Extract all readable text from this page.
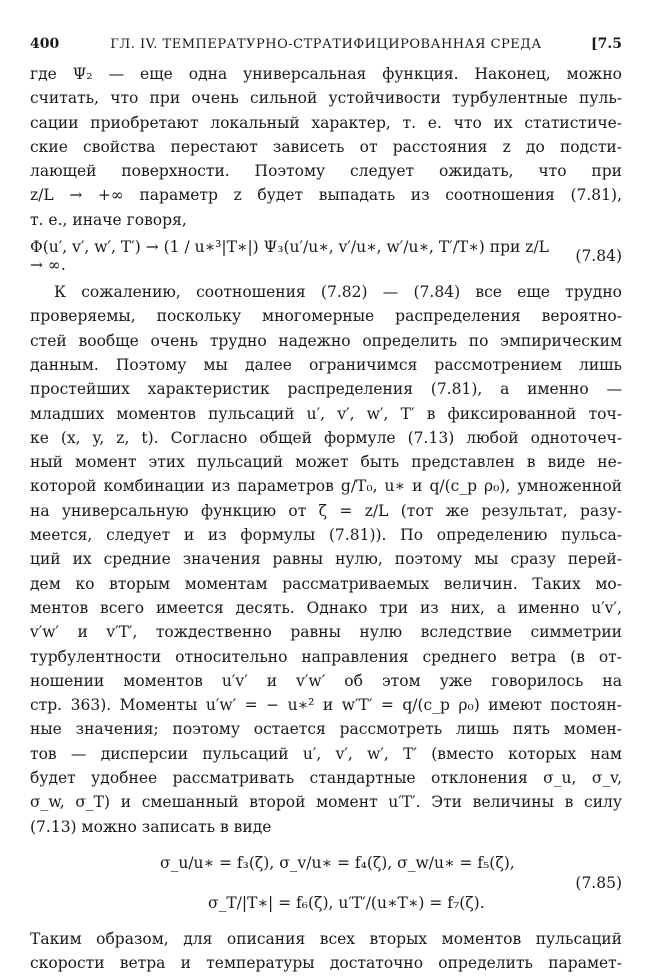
400	ГЛ. IV. ТЕМПЕРАТУРНО-СТРАТИФИЦИРОВАННАЯ СРЕДА	[7.5
где Ψ₂ — еще одна универсальная функция. Наконец, можно
считать, что при очень сильной устойчивости турбулентные пуль-
сации приобретают локальный характер, т. е. что их статистиче-
ские свойства перестают зависеть от расстояния z до подсти-
лающей поверхности. Поэтому следует ожидать, что при
z/L → +∞ параметр z будет выпадать из соотношения (7.81),
т. е., иначе говоря,
Φ(u′, v′, w′, T′) → (1 / u∗³|T∗|) Ψ₃(u′/u∗, v′/u∗, w′/u∗, T′/T∗) при z/L → ∞.	(7.84)
К сожалению, соотношения (7.82) — (7.84) все еще трудно
проверяемы, поскольку многомерные распределения вероятно-
стей вообще очень трудно надежно определить по эмпирическим
данным. Поэтому мы далее ограничимся рассмотрением лишь
простейших характеристик распределения (7.81), а именно —
младших моментов пульсаций u′, v′, w′, T′ в фиксированной точ-
ке (x, y, z, t). Согласно общей формуле (7.13) любой одноточеч-
ный момент этих пульсаций может быть представлен в виде не-
которой комбинации из параметров g/T₀, u∗ и q/(c_p ρ₀), умноженной
на универсальную функцию от ζ = z/L (тот же результат, разу-
меется, следует и из формулы (7.81)). По определению пульса-
ций их средние значения равны нулю, поэтому мы сразу перей-
дем ко вторым моментам рассматриваемых величин. Таких мо-
ментов всего имеется десять. Однако три из них, а именно u′v′,
v′w′ и v′T′, тождественно равны нулю вследствие симметрии
турбулентности относительно направления среднего ветра (в от-
ношении моментов u′v′ и v′w′ об этом уже говорилось на
стр. 363). Моменты u′w′ = − u∗² и w′T′ = q/(c_p ρ₀) имеют постоян-
ные значения; поэтому остается рассмотреть лишь пять момен-
тов — дисперсии пульсаций u′, v′, w′, T′ (вместо которых нам
будет удобнее рассматривать стандартные отклонения σ_u, σ_v,
σ_w, σ_T) и смешанный второй момент u′T′. Эти величины в силу
(7.13) можно записать в виде
σ_u/u∗ = f₃(ζ), σ_v/u∗ = f₄(ζ), σ_w/u∗ = f₅(ζ),
σ_T/|T∗| = f₆(ζ), u′T′/(u∗T∗) = f₇(ζ).
(7.85)
Таким образом, для описания всех вторых моментов пульсаций
скорости ветра и температуры достаточно определить парамет-
